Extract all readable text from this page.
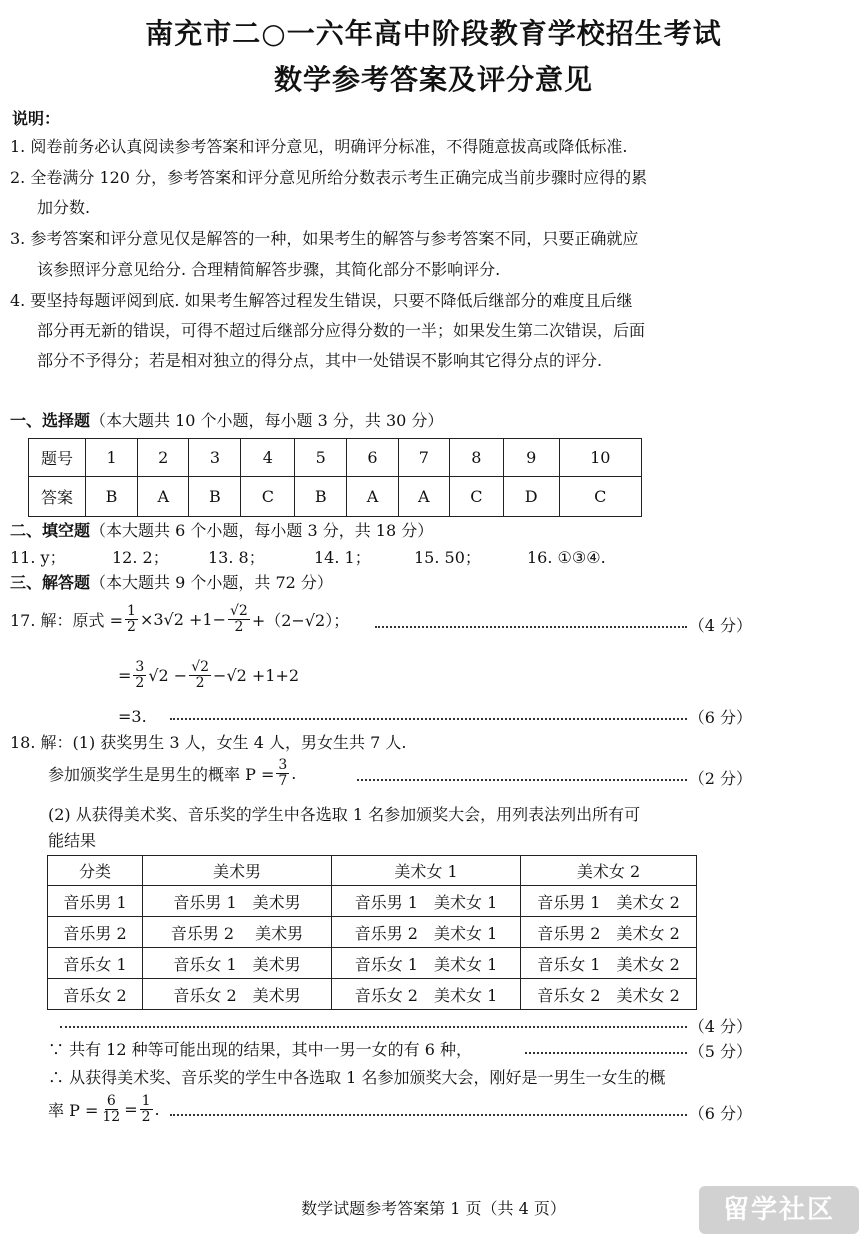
南充市二○一六年高中阶段教育学校招生考试
数学参考答案及评分意见
说明：
1. 阅卷前务必认真阅读参考答案和评分意见，明确评分标准，不得随意拔高或降低标准.
2. 全卷满分 120 分，参考答案和评分意见所给分数表示考生正确完成当前步骤时应得的累
加分数.
3. 参考答案和评分意见仅是解答的一种，如果考生的解答与参考答案不同，只要正确就应
该参照评分意见给分. 合理精简解答步骤，其简化部分不影响评分.
4. 要坚持每题评阅到底. 如果考生解答过程发生错误，只要不降低后继部分的难度且后继
部分再无新的错误，可得不超过后继部分应得分数的一半；如果发生第二次错误，后面
部分不予得分；若是相对独立的得分点，其中一处错误不影响其它得分点的评分.
一、选择题（本大题共 10 个小题，每小题 3 分，共 30 分）
题号	1	2	3	4	5	6	7	8	9	10
答案	B	A	B	C	B	A	A	C	D	C
二、填空题（本大题共 6 个小题，每小题 3 分，共 18 分）
11. y；	12. 2； 13. 8；	14. 1；	15. 50；	16. ①③④.
三、解答题（本大题共 9 个小题，共 72 分）
17. 解：原式 = $\frac{1}{2} \times 3√2 +1- \frac{√2}{2} +(2-√2)$；	（4 分）
= $\frac{3}{2} √2 - \frac{√2}{2} -√2 +1+2$
=3.	（6 分）
18. 解：(1) 获奖男生 3 人，女生 4 人，男女生共 7 人.
参加颁奖学生是男生的概率 $P = \frac{3}{7}$ .	（2 分）
(2) 从获得美术奖、音乐奖的学生中各选取 1 名参加颁奖大会，用列表法列出所有可
能结果
分类	美术男	美术女 1	美术女 2
音乐男 1	音乐男 1　美术男	音乐男 1　美术女 1	音乐男 1　美术女 2
音乐男 2	音乐男 2　 美术男	音乐男 2　美术女 1	音乐男 2　美术女 2
音乐女 1	音乐女 1　美术男	音乐女 1　美术女 1	音乐女 1　美术女 2
音乐女 2	音乐女 2　美术男	音乐女 2　美术女 1	音乐女 2　美术女 2
（4 分）
∵ 共有 12 种等可能出现的结果，其中一男一女的有 6 种，	（5 分）
∴ 从获得美术奖、音乐奖的学生中各选取 1 名参加颁奖大会，刚好是一男生一女生的概
率 $P = \frac{6}{12} = \frac{1}{2}$ .	（6 分）
数学试题参考答案第 1 页（共 4 页）	留学社区
